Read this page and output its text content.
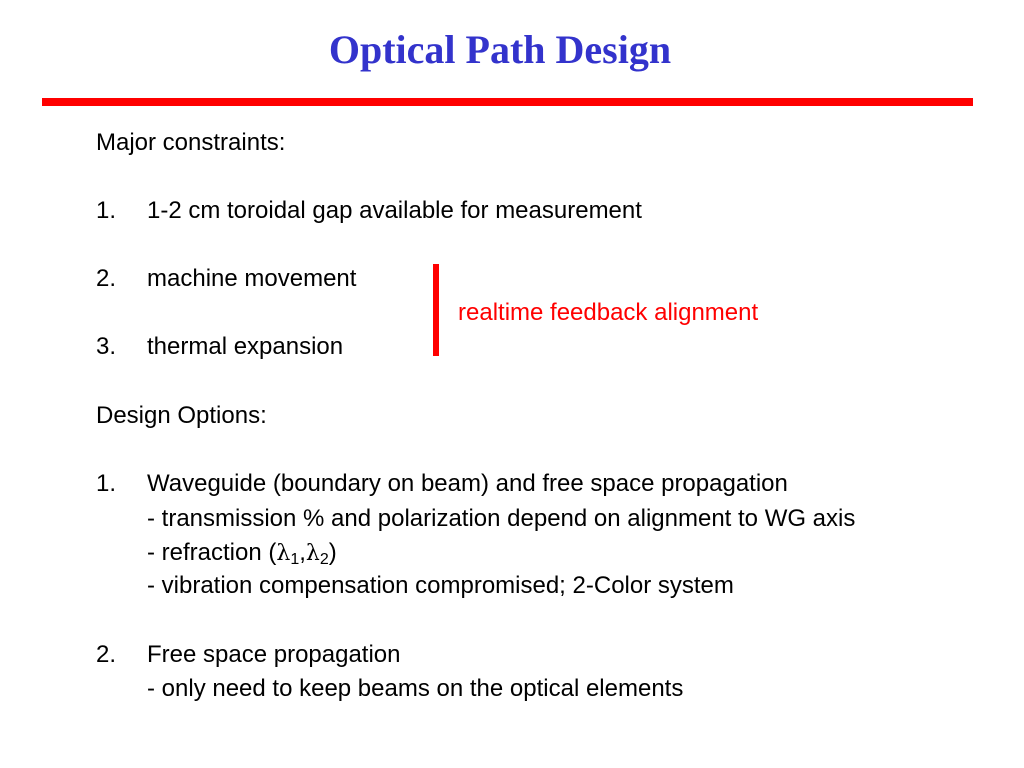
Optical Path Design
Major constraints:
1. 1-2 cm toroidal gap available for measurement
2. machine movement
3. thermal expansion
realtime feedback alignment
Design Options:
1. Waveguide (boundary on beam) and free space propagation
- transmission % and polarization depend on alignment to WG axis
- refraction $(\lambda_1,\lambda_2)$
- vibration compensation compromised; 2-Color system
2. Free space propagation
- only need to keep beams on the optical elements
